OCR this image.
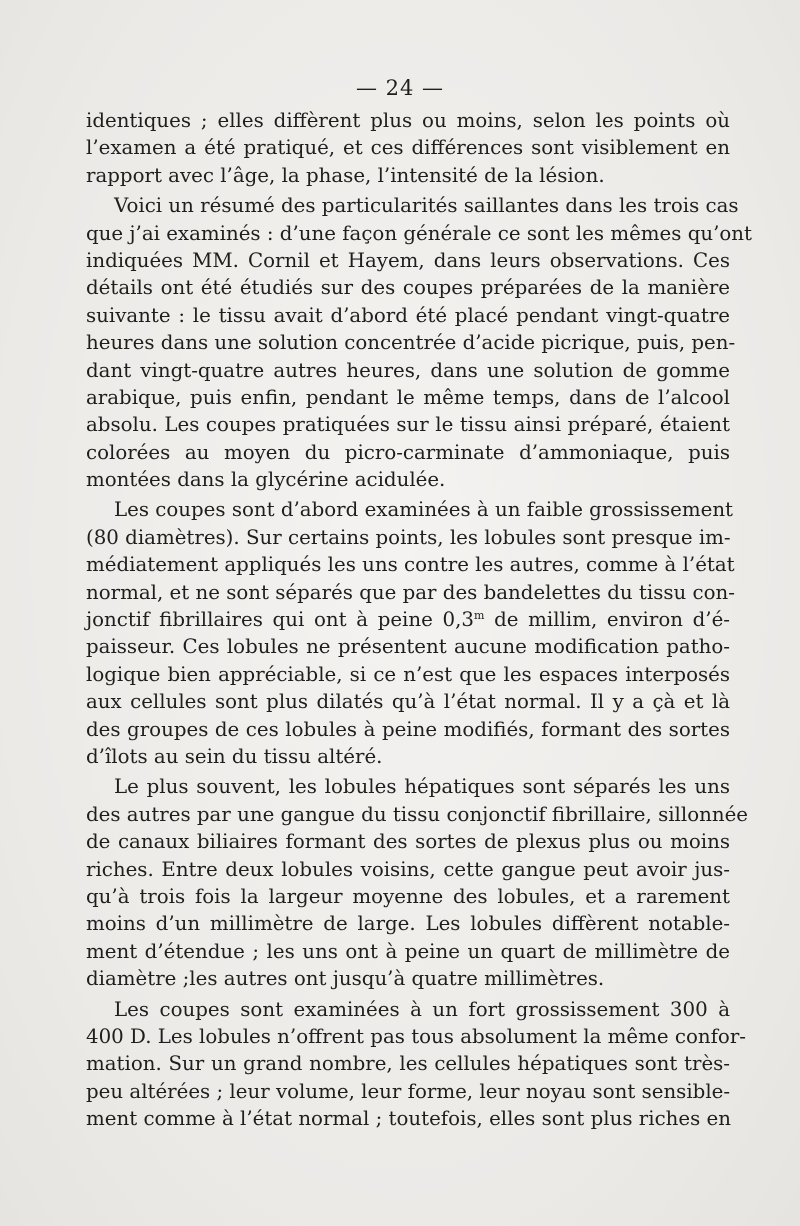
— 24 —

identiques ; elles diffèrent plus ou moins, selon les points où
l’examen a été pratiqué, et ces différences sont visiblement en
rapport avec l’âge, la phase, l’intensité de la lésion.

Voici un résumé des particularités saillantes dans les trois cas
que j’ai examinés : d’une façon générale ce sont les mêmes qu’ont
indiquées MM. Cornil et Hayem, dans leurs observations. Ces
détails ont été étudiés sur des coupes préparées de la manière
suivante : le tissu avait d’abord été placé pendant vingt-quatre
heures dans une solution concentrée d’acide picrique, puis, pen-
dant vingt-quatre autres heures, dans une solution de gomme
arabique, puis enfin, pendant le même temps, dans de l’alcool
absolu. Les coupes pratiquées sur le tissu ainsi préparé, étaient
colorées au moyen du picro-carminate d’ammoniaque, puis
montées dans la glycérine acidulée.

Les coupes sont d’abord examinées à un faible grossissement
(80 diamètres). Sur certains points, les lobules sont presque im-
médiatement appliqués les uns contre les autres, comme à l’état
normal, et ne sont séparés que par des bandelettes du tissu con-
jonctif fibrillaires qui ont à peine 0,3$^m$ de millim, environ d’é-
paisseur. Ces lobules ne présentent aucune modification patho-
logique bien appréciable, si ce n’est que les espaces interposés
aux cellules sont plus dilatés qu’à l’état normal. Il y a çà et là
des groupes de ces lobules à peine modifiés, formant des sortes
d’îlots au sein du tissu altéré.

Le plus souvent, les lobules hépatiques sont séparés les uns
des autres par une gangue du tissu conjonctif fibrillaire, sillonnée
de canaux biliaires formant des sortes de plexus plus ou moins
riches. Entre deux lobules voisins, cette gangue peut avoir jus-
qu’à trois fois la largeur moyenne des lobules, et a rarement
moins d’un millimètre de large. Les lobules diffèrent notable-
ment d’étendue ; les uns ont à peine un quart de millimètre de
diamètre ;les autres ont jusqu’à quatre millimètres.

Les coupes sont examinées à un fort grossissement 300 à
400 D. Les lobules n’offrent pas tous absolument la même confor-
mation. Sur un grand nombre, les cellules hépatiques sont très-
peu altérées ; leur volume, leur forme, leur noyau sont sensible-
ment comme à l’état normal ; toutefois, elles sont plus riches en
